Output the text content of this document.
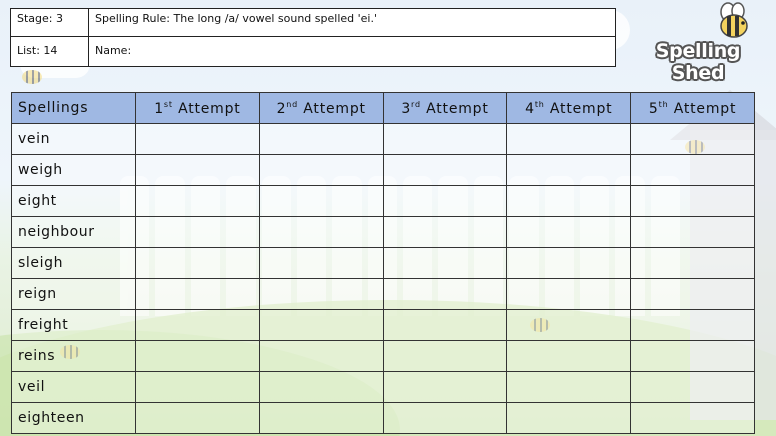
Stage: 3	Spelling Rule: The long /a/ vowel sound spelled 'ei.'
List: 14	Name:	Spelling Shed
Spellings	1st Attempt	2nd Attempt	3rd Attempt	4th Attempt	5th Attempt
vein					
weigh					
eight					
neighbour					
sleigh					
reign					
freight					
reins					
veil					
eighteen					
